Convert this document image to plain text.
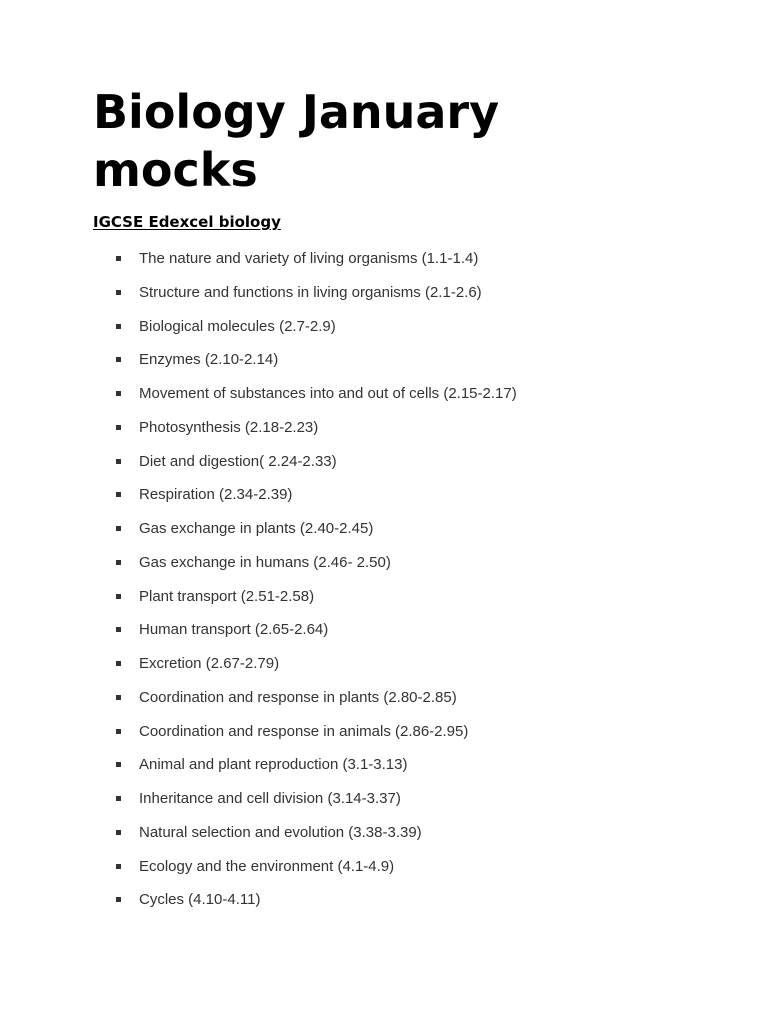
Biology January mocks
IGCSE Edexcel biology
The nature and variety of living organisms (1.1-1.4)
Structure and functions in living organisms (2.1-2.6)
Biological molecules (2.7-2.9)
Enzymes (2.10-2.14)
Movement of substances into and out of cells (2.15-2.17)
Photosynthesis (2.18-2.23)
Diet and digestion( 2.24-2.33)
Respiration (2.34-2.39)
Gas exchange in plants (2.40-2.45)
Gas exchange in humans (2.46- 2.50)
Plant transport (2.51-2.58)
Human transport (2.65-2.64)
Excretion (2.67-2.79)
Coordination and response in plants (2.80-2.85)
Coordination and response in animals (2.86-2.95)
Animal and plant reproduction (3.1-3.13)
Inheritance and cell division (3.14-3.37)
Natural selection and evolution (3.38-3.39)
Ecology and the environment (4.1-4.9)
Cycles (4.10-4.11)
